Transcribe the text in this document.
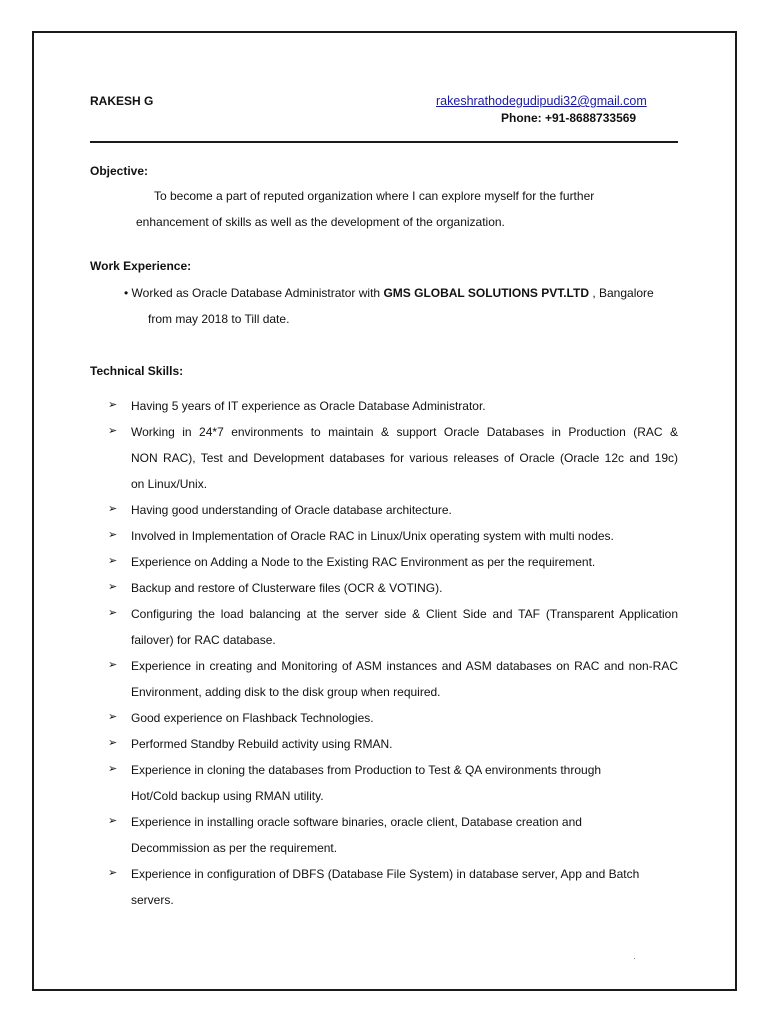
RAKESH G	rakeshrathodegudipudi32@gmail.com
Phone: +91-8688733569
Objective:
To become a part of reputed organization where I can explore myself for the further
enhancement of skills as well as the development of the organization.
Work Experience:
• Worked as Oracle Database Administrator with GMS GLOBAL SOLUTIONS PVT.LTD , Bangalore
from may 2018 to Till date.
Technical Skills:
➢ Having 5 years of IT experience as Oracle Database Administrator.
➢ Working in 24*7 environments to maintain & support Oracle Databases in Production (RAC &
NON RAC), Test and Development databases for various releases of Oracle (Oracle 12c and 19c)
on Linux/Unix.
➢ Having good understanding of Oracle database architecture.
➢ Involved in Implementation of Oracle RAC in Linux/Unix operating system with multi nodes.
➢ Experience on Adding a Node to the Existing RAC Environment as per the requirement.
➢ Backup and restore of Clusterware files (OCR & VOTING).
➢ Configuring the load balancing at the server side & Client Side and TAF (Transparent Application
failover) for RAC database.
➢ Experience in creating and Monitoring of ASM instances and ASM databases on RAC and non-RAC
Environment, adding disk to the disk group when required.
➢ Good experience on Flashback Technologies.
➢ Performed Standby Rebuild activity using RMAN.
➢ Experience in cloning the databases from Production to Test & QA environments through
Hot/Cold backup using RMAN utility.
➢ Experience in installing oracle software binaries, oracle client, Database creation and
Decommission as per the requirement.
➢ Experience in configuration of DBFS (Database File System) in database server, App and Batch
servers.
